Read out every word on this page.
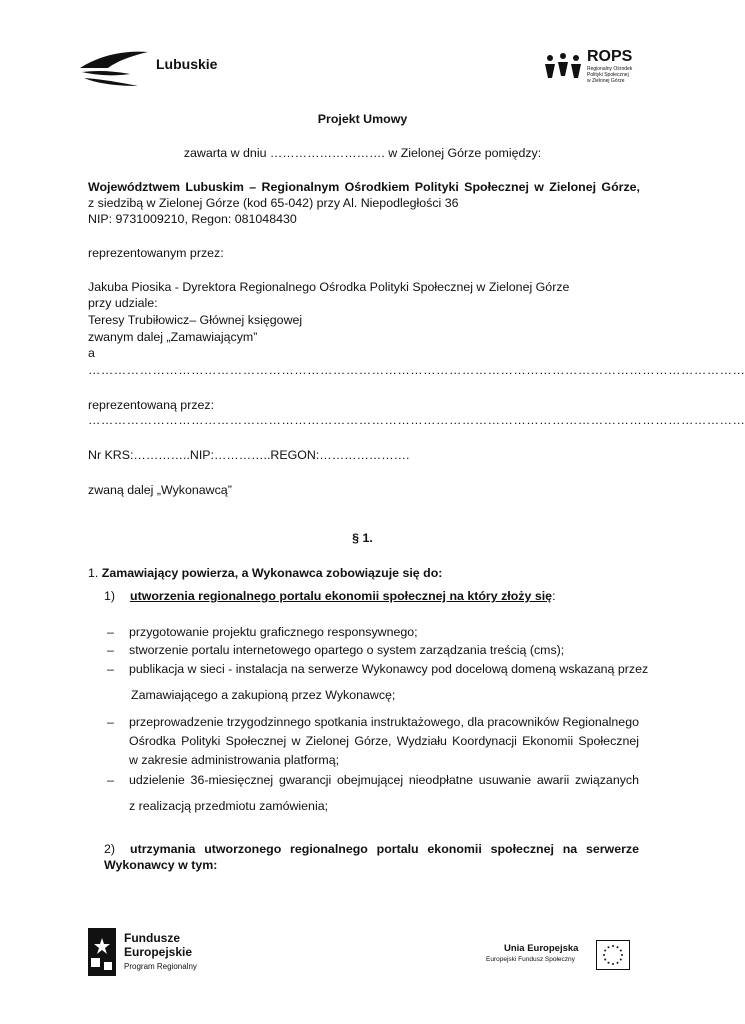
Lubuskie	ROPS
Regionalny Ośrodek
Polityki Społecznej
w Zielonej Górze
Projekt Umowy
zawarta w dniu ………………………. w Zielonej Górze pomiędzy:
Województwem Lubuskim – Regionalnym Ośrodkiem Polityki Społecznej w Zielonej Górze,
z siedzibą w Zielonej Górze (kod 65-042) przy Al. Niepodległości 36
NIP: 9731009210, Regon: 081048430
reprezentowanym przez:
Jakuba Piosika - Dyrektora Regionalnego Ośrodka Polityki Społecznej w Zielonej Górze
przy udziale:
Teresy Trubiłowicz– Głównej księgowej
zwanym dalej „Zamawiającym”
a
………………………………………………………………………………………………………………………………………
reprezentowaną przez:
………………………………………………………………………………………………………………………………………
Nr KRS:…………..NIP:…………..REGON:………………….
zwaną dalej „Wykonawcą”
§ 1.
1. Zamawiający powierza, a Wykonawca zobowiązuje się do:
1) utworzenia regionalnego portalu ekonomii społecznej na który złoży się:
–	przygotowanie projektu graficznego responsywnego;
–	stworzenie portalu internetowego opartego o system zarządzania treścią (cms);
–	publikacja w sieci - instalacja na serwerze Wykonawcy pod docelową domeną wskazaną przez
Zamawiającego a zakupioną przez Wykonawcę;
–	przeprowadzenie trzygodzinnego spotkania instruktażowego, dla pracowników Regionalnego
Ośrodka Polityki Społecznej w Zielonej Górze, Wydziału Koordynacji Ekonomii Społecznej
w zakresie administrowania platformą;
–	udzielenie 36-miesięcznej gwarancji obejmującej nieodpłatne usuwanie awarii związanych
z realizacją przedmiotu zamówienia;
2) utrzymania utworzonego regionalnego portalu ekonomii społecznej na serwerze
Wykonawcy w tym:
Fundusze
Europejskie
Program Regionalny
Unia Europejska
Europejski Fundusz Społeczny
